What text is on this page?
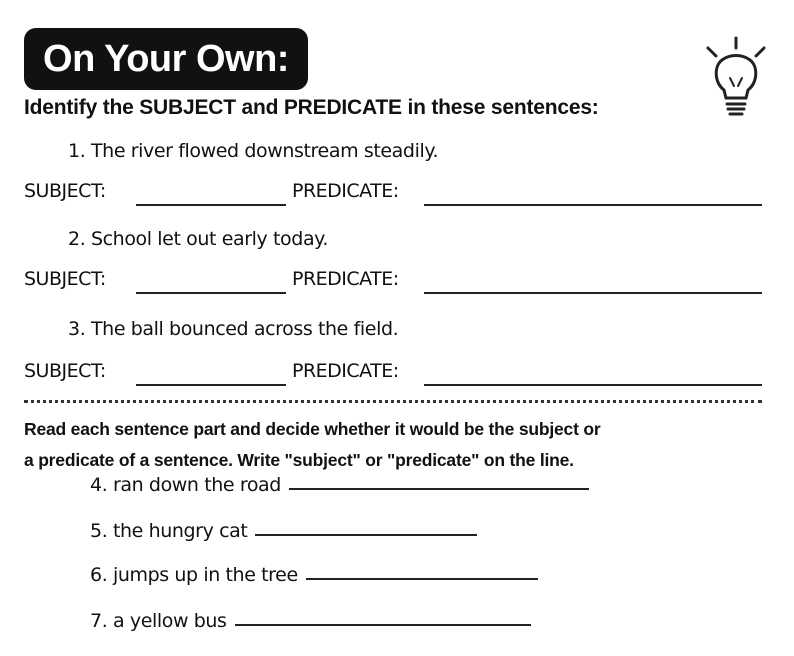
On Your Own:
Identify the SUBJECT and PREDICATE in these sentences:
1. The river flowed downstream steadily.
SUBJECT:	PREDICATE:
2. School let out early today.
SUBJECT:	PREDICATE:
3. The ball bounced across the field.
SUBJECT:	PREDICATE:
Read each sentence part and decide whether it would be the subject or
a predicate of a sentence. Write "subject" or "predicate" on the line.
4. ran down the road
5. the hungry cat
6. jumps up in the tree
7. a yellow bus
